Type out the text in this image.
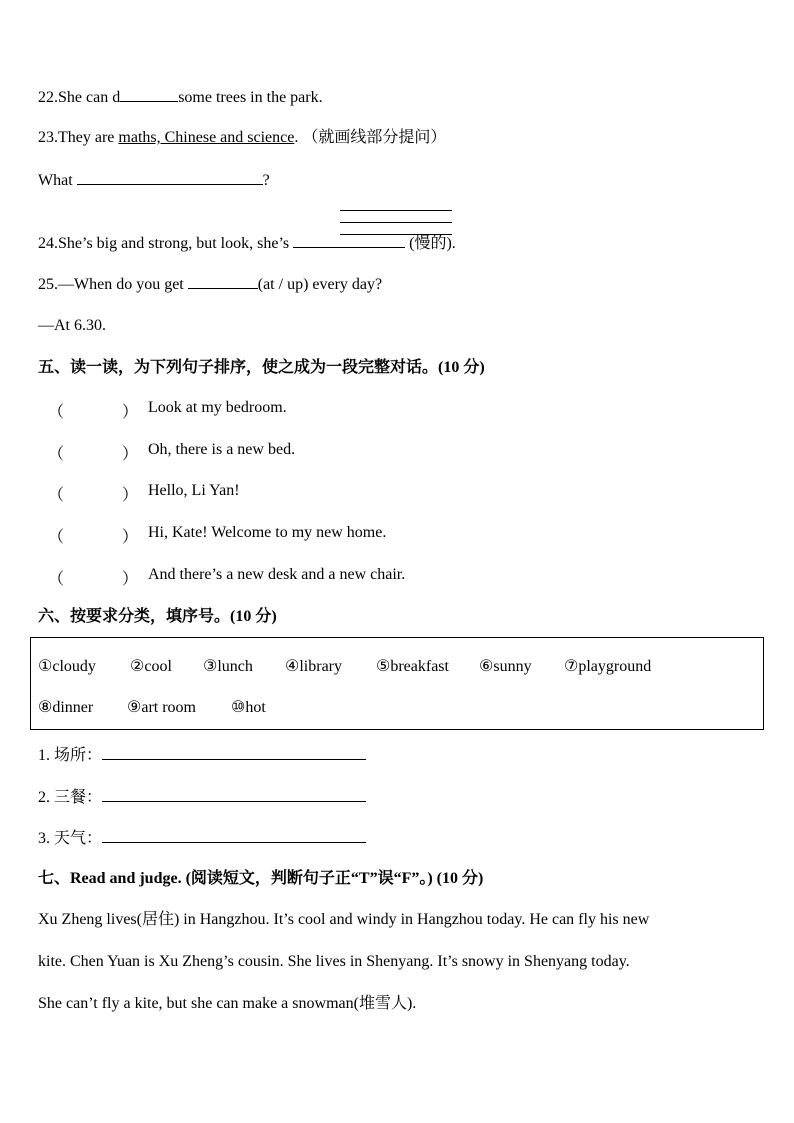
22.She can d	some trees in the park.
23.They are maths, Chinese and science. （就画线部分提问）
What	?
24.She’s big and strong, but look, she’s	(慢的).
25.—When do you get	(at / up) every day?
—At 6.30.
五、读一读，为下列句子排序，使之成为一段完整对话。(10 分)
（	） Look at my bedroom.
（	） Oh, there is a new bed.
（	） Hello, Li Yan!
（	） Hi, Kate! Welcome to my new home.
（	） And there’s a new desk and a new chair.
六、按要求分类，填序号。(10 分)
①cloudy ②cool ③lunch ④library ⑤breakfast ⑥sunny ⑦playground
⑧dinner ⑨art room ⑩hot
1. 场所：
2. 三餐：
3. 天气：
七、Read and judge. (阅读短文，判断句子正“T”误“F”。) (10 分)
Xu Zheng lives(居住) in Hangzhou. It’s cool and windy in Hangzhou today. He can fly his new
kite. Chen Yuan is Xu Zheng’s cousin. She lives in Shenyang. It’s snowy in Shenyang today.
She can’t fly a kite, but she can make a snowman(堆雪人).
